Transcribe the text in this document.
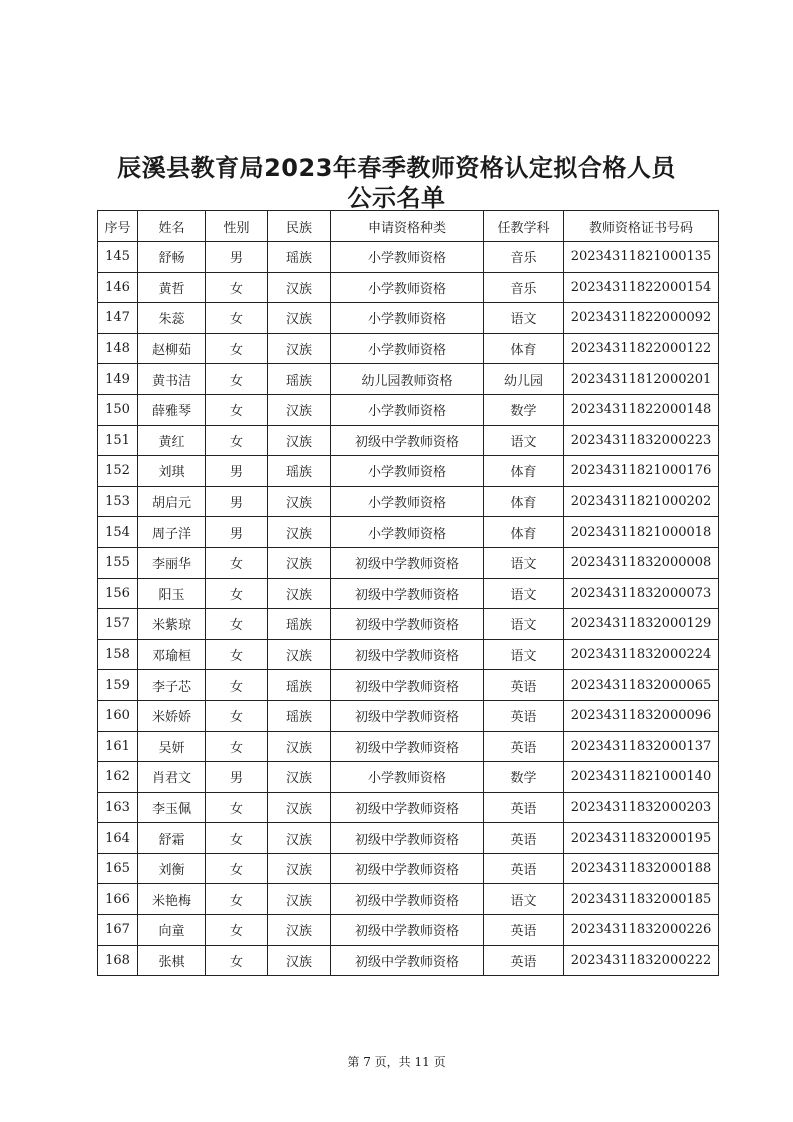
辰溪县教育局2023年春季教师资格认定拟合格人员
公示名单
序号	姓名	性别	民族	申请资格种类	任教学科	教师资格证书号码
145	舒畅	男	瑶族	小学教师资格	音乐	20234311821000135
146	黄哲	女	汉族	小学教师资格	音乐	20234311822000154
147	朱蕊	女	汉族	小学教师资格	语文	20234311822000092
148	赵柳茹	女	汉族	小学教师资格	体育	20234311822000122
149	黄书洁	女	瑶族	幼儿园教师资格	幼儿园	20234311812000201
150	薛雅琴	女	汉族	小学教师资格	数学	20234311822000148
151	黄红	女	汉族	初级中学教师资格	语文	20234311832000223
152	刘琪	男	瑶族	小学教师资格	体育	20234311821000176
153	胡启元	男	汉族	小学教师资格	体育	20234311821000202
154	周子洋	男	汉族	小学教师资格	体育	20234311821000018
155	李丽华	女	汉族	初级中学教师资格	语文	20234311832000008
156	阳玉	女	汉族	初级中学教师资格	语文	20234311832000073
157	米紫琼	女	瑶族	初级中学教师资格	语文	20234311832000129
158	邓瑜桓	女	汉族	初级中学教师资格	语文	20234311832000224
159	李子芯	女	瑶族	初级中学教师资格	英语	20234311832000065
160	米娇娇	女	瑶族	初级中学教师资格	英语	20234311832000096
161	吴妍	女	汉族	初级中学教师资格	英语	20234311832000137
162	肖君文	男	汉族	小学教师资格	数学	20234311821000140
163	李玉佩	女	汉族	初级中学教师资格	英语	20234311832000203
164	舒霜	女	汉族	初级中学教师资格	英语	20234311832000195
165	刘衡	女	汉族	初级中学教师资格	英语	20234311832000188
166	米艳梅	女	汉族	初级中学教师资格	语文	20234311832000185
167	向童	女	汉族	初级中学教师资格	英语	20234311832000226
168	张棋	女	汉族	初级中学教师资格	英语	20234311832000222
第 7 页，共 11 页
